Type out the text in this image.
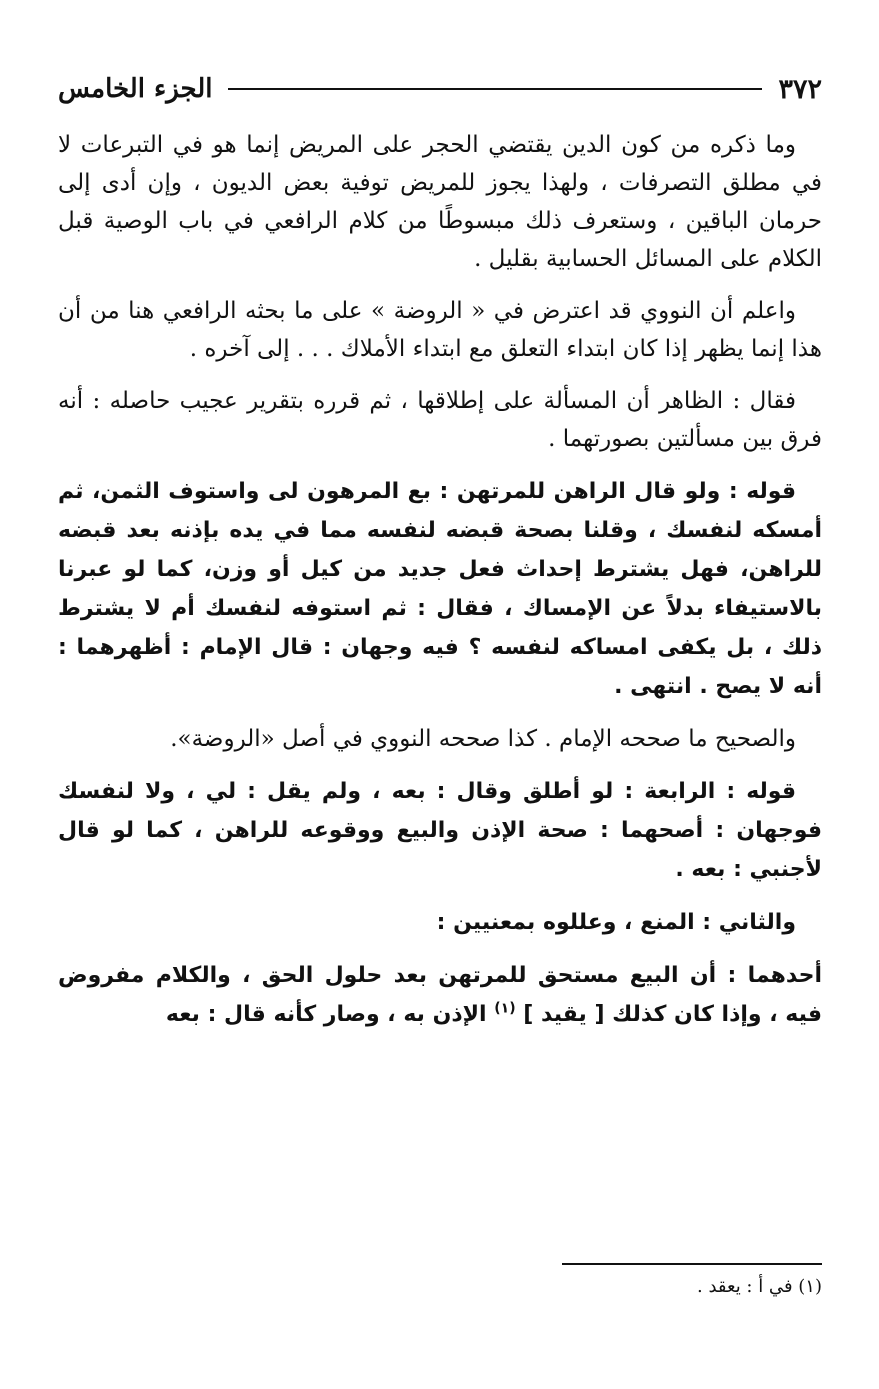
٣٧٢
الجزء الخامس

وما ذكره من كون الدين يقتضي الحجر على المريض إنما هو في التبرعات لا في مطلق التصرفات ، ولهذا يجوز للمريض توفية بعض الديون ، وإن أدى إلى حرمان الباقين ، وستعرف ذلك مبسوطًا من كلام الرافعي في باب الوصية قبل الكلام على المسائل الحسابية بقليل .

واعلم أن النووي قد اعترض في « الروضة » على ما بحثه الرافعي هنا من أن هذا إنما يظهر إذا كان ابتداء التعلق مع ابتداء الأملاك . . . إلى آخره .

فقال : الظاهر أن المسألة على إطلاقها ، ثم قرره بتقرير عجيب حاصله : أنه فرق بين مسألتين بصورتهما .

قوله : ولو قال الراهن للمرتهن : بع المرهون لى واستوف الثمن، ثم أمسكه لنفسك ، وقلنا بصحة قبضه لنفسه مما في يده بإذنه بعد قبضه للراهن، فهل يشترط إحداث فعل جديد من كيل أو وزن، كما لو عبرنا بالاستيفاء بدلاً عن الإمساك ، فقال : ثم استوفه لنفسك أم لا يشترط ذلك ، بل يكفى امساكه لنفسه ؟ فيه وجهان : قال الإمام : أظهرهما : أنه لا يصح . انتهى .

والصحيح ما صححه الإمام . كذا صححه النووي في أصل «الروضة».

قوله : الرابعة : لو أطلق وقال : بعه ، ولم يقل : لي ، ولا لنفسك فوجهان : أصحهما : صحة الإذن والبيع ووقوعه للراهن ، كما لو قال لأجنبي : بعه .

والثاني : المنع ، وعللوه بمعنيين :

أحدهما : أن البيع مستحق للمرتهن بعد حلول الحق ، والكلام مفروض فيه ، وإذا كان كذلك [ يقيد ] $^{(١)}$ الإذن به ، وصار كأنه قال : بعه

(١) في أ : يعقد .
